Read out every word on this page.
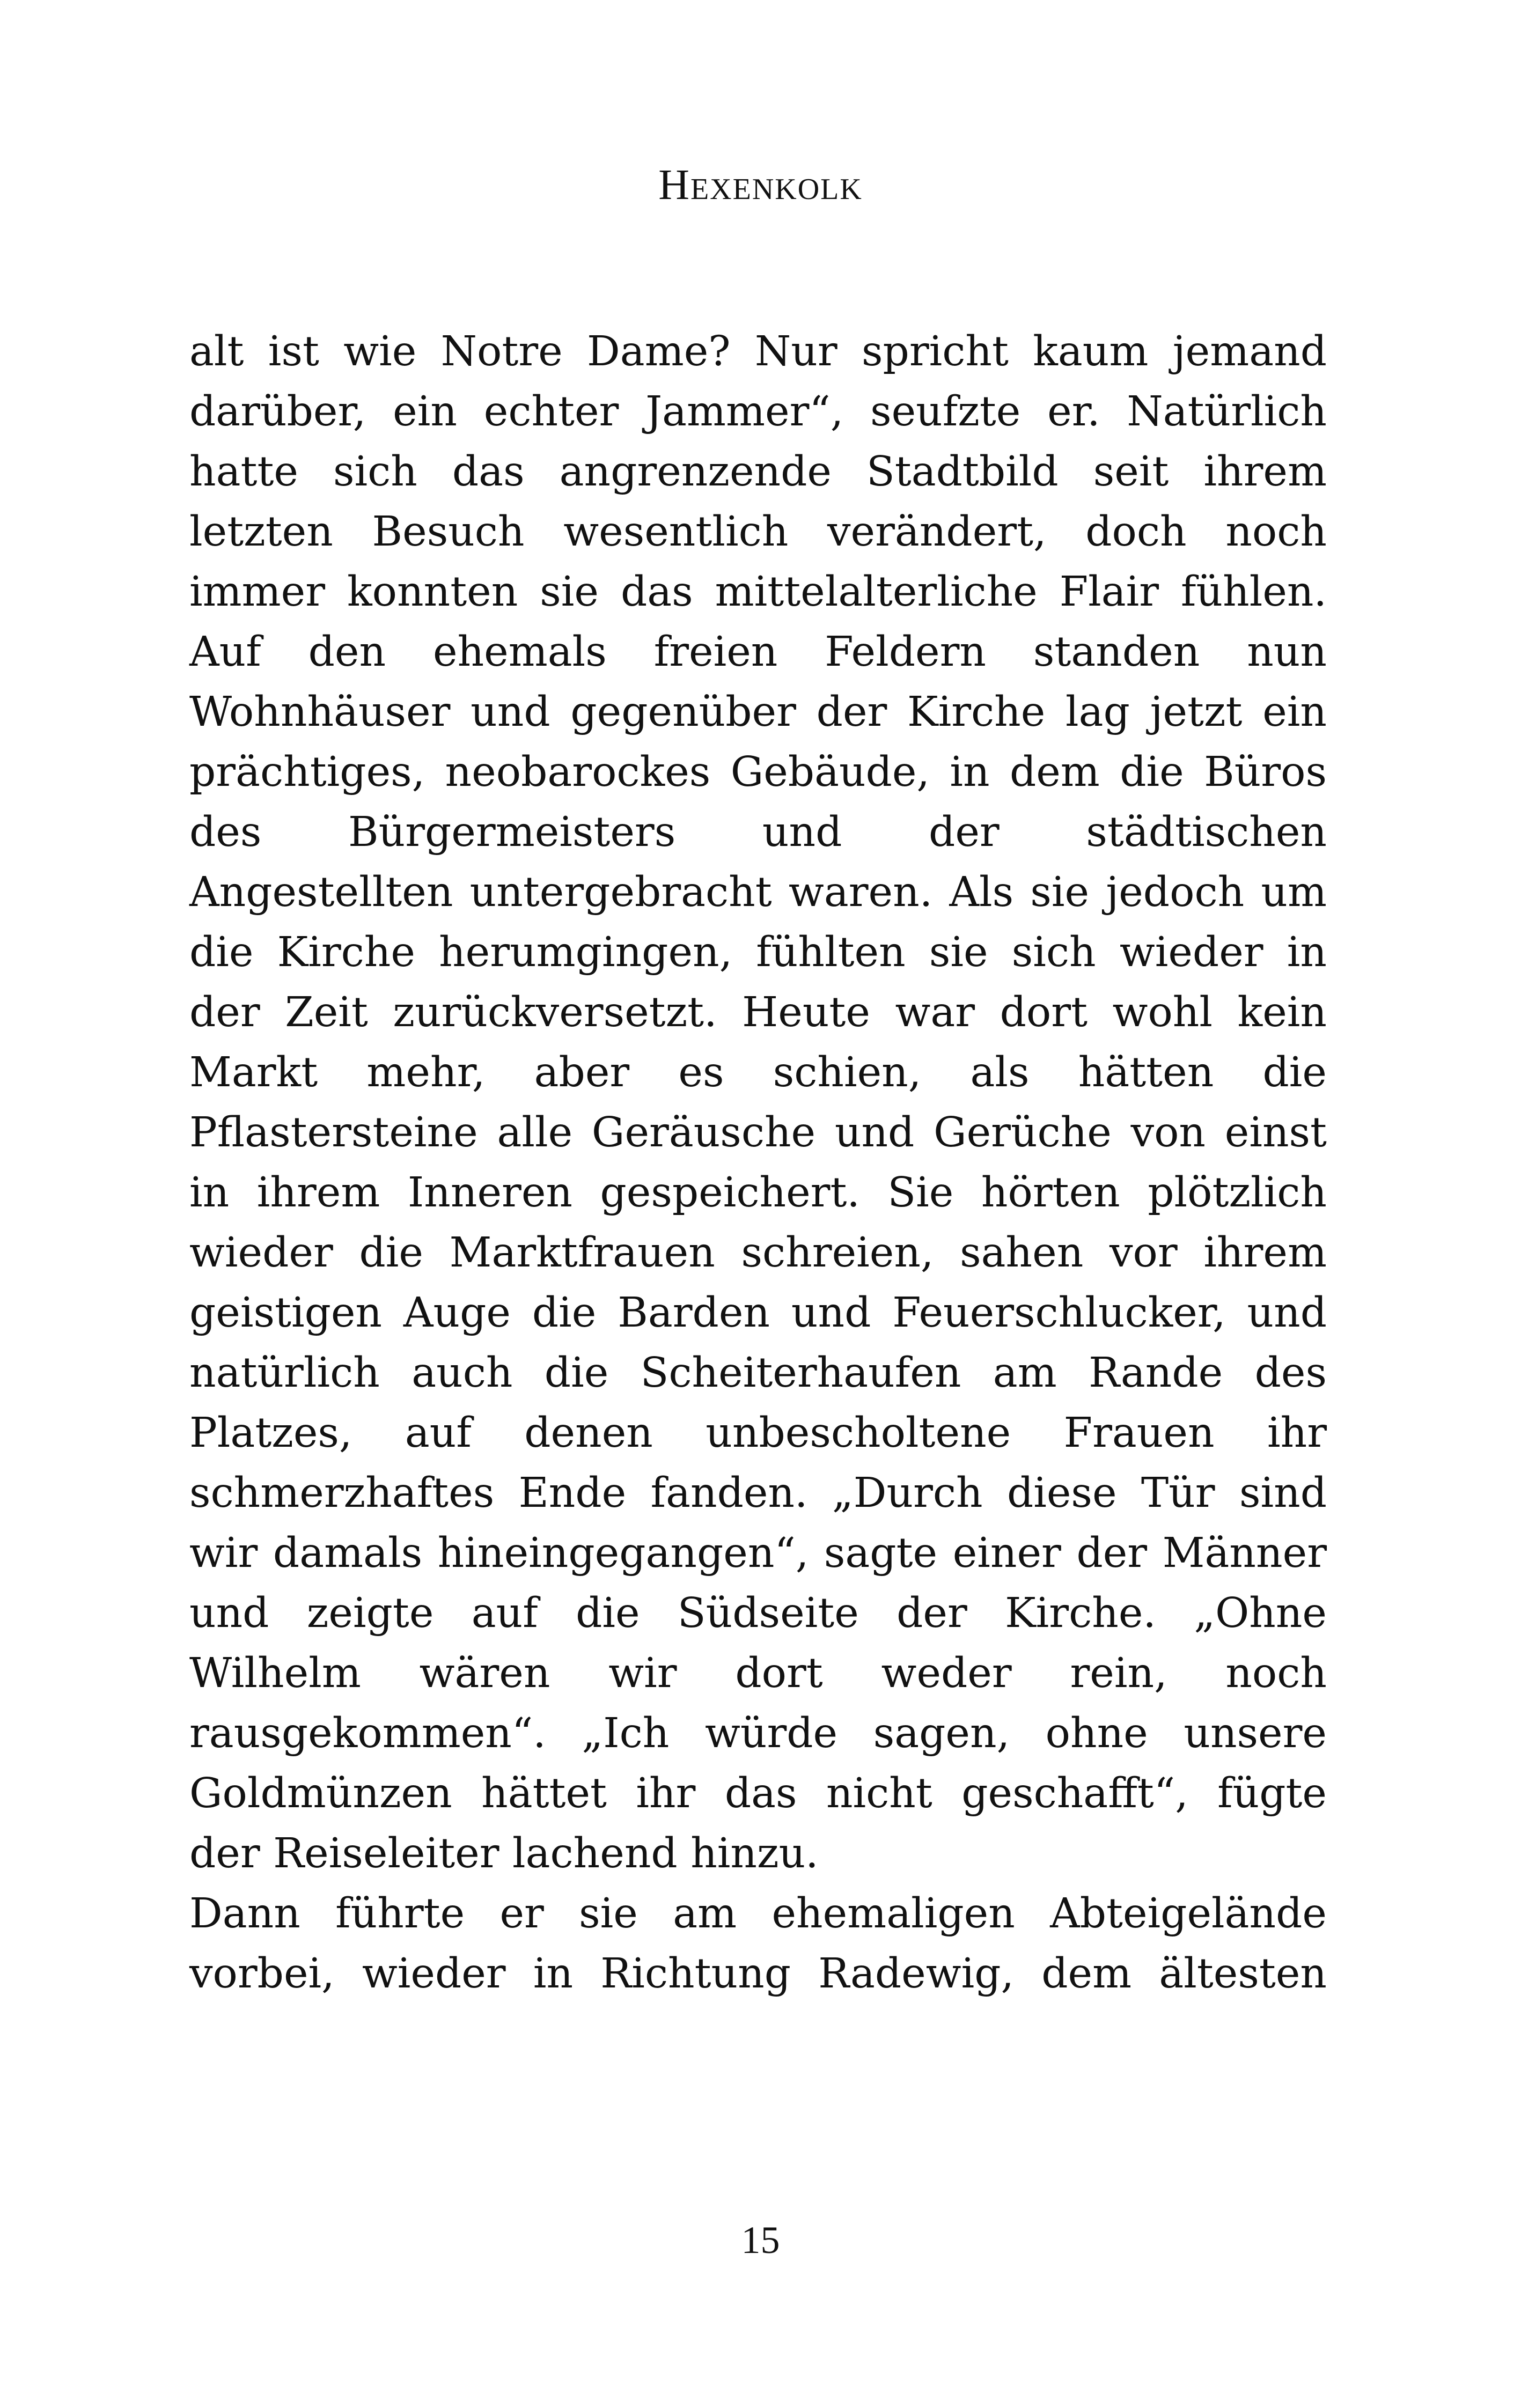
Hexenkolk
alt ist wie Notre Dame? Nur spricht kaum jemand
darüber, ein echter Jammer“, seufzte er. Natürlich
hatte sich das angrenzende Stadtbild seit ihrem
letzten Besuch wesentlich verändert, doch noch
immer konnten sie das mittelalterliche Flair fühlen.
Auf den ehemals freien Feldern standen nun
Wohnhäuser und gegenüber der Kirche lag jetzt ein
prächtiges, neobarockes Gebäude, in dem die Büros
des Bürgermeisters und der städtischen
Angestellten untergebracht waren. Als sie jedoch um
die Kirche herumgingen, fühlten sie sich wieder in
der Zeit zurückversetzt. Heute war dort wohl kein
Markt mehr, aber es schien, als hätten die
Pflastersteine alle Geräusche und Gerüche von einst
in ihrem Inneren gespeichert. Sie hörten plötzlich
wieder die Marktfrauen schreien, sahen vor ihrem
geistigen Auge die Barden und Feuerschlucker, und
natürlich auch die Scheiterhaufen am Rande des
Platzes, auf denen unbescholtene Frauen ihr
schmerzhaftes Ende fanden. „Durch diese Tür sind
wir damals hineingegangen“, sagte einer der Männer
und zeigte auf die Südseite der Kirche. „Ohne
Wilhelm wären wir dort weder rein, noch
rausgekommen“. „Ich würde sagen, ohne unsere
Goldmünzen hättet ihr das nicht geschafft“, fügte
der Reiseleiter lachend hinzu.
Dann führte er sie am ehemaligen Abteigelände
vorbei, wieder in Richtung Radewig, dem ältesten
15
